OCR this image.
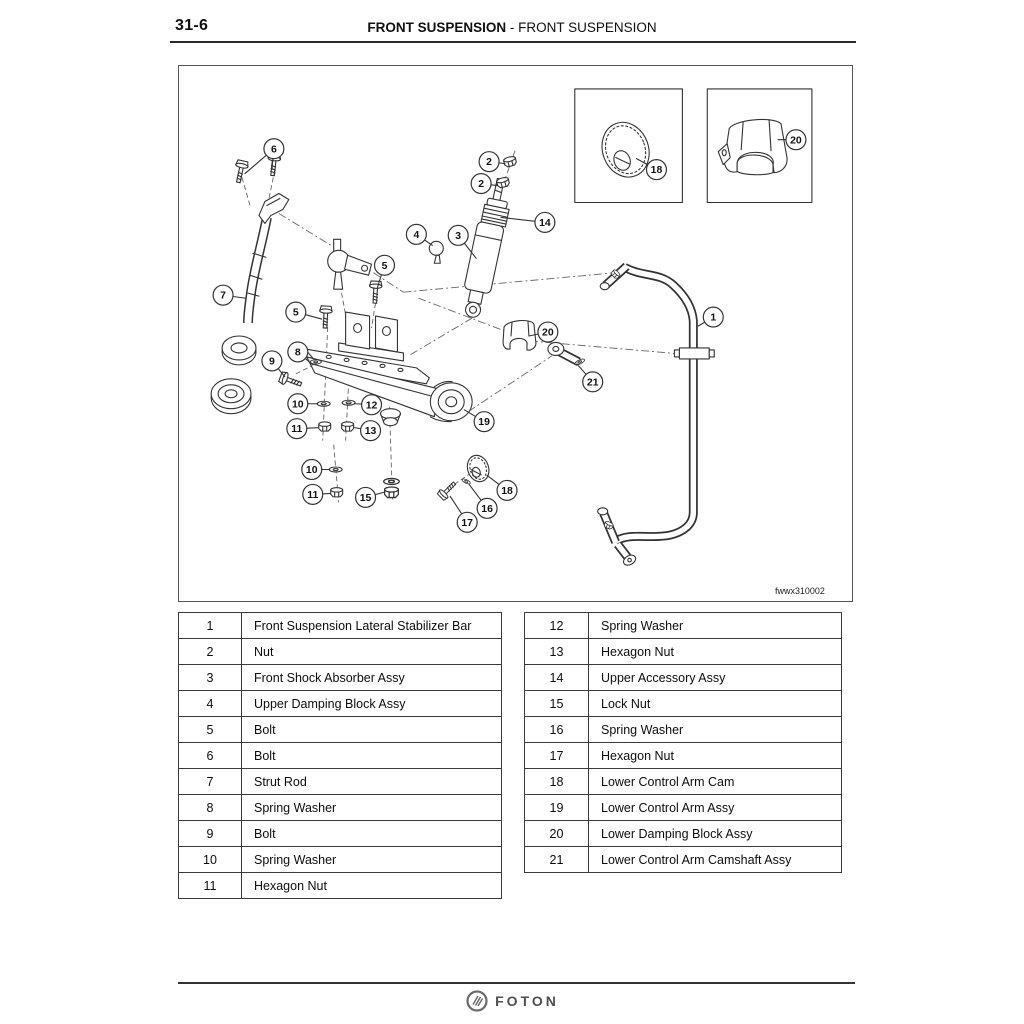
31-6	FRONT SUSPENSION - FRONT SUSPENSION
fwwx310002
6
2
2
14
4	3
5
7
5
8
9
20
1
21
10	12
11	13
19
10
11	15
18
16
17
18
20
1	Front Suspension Lateral Stabilizer Bar
2	Nut
3	Front Shock Absorber Assy
4	Upper Damping Block Assy
5	Bolt
6	Bolt
7	Strut Rod
8	Spring Washer
9	Bolt
10	Spring Washer
11	Hexagon Nut
12	Spring Washer
13	Hexagon Nut
14	Upper Accessory Assy
15	Lock Nut
16	Spring Washer
17	Hexagon Nut
18	Lower Control Arm Cam
19	Lower Control Arm Assy
20	Lower Damping Block Assy
21	Lower Control Arm Camshaft Assy
FOTON
